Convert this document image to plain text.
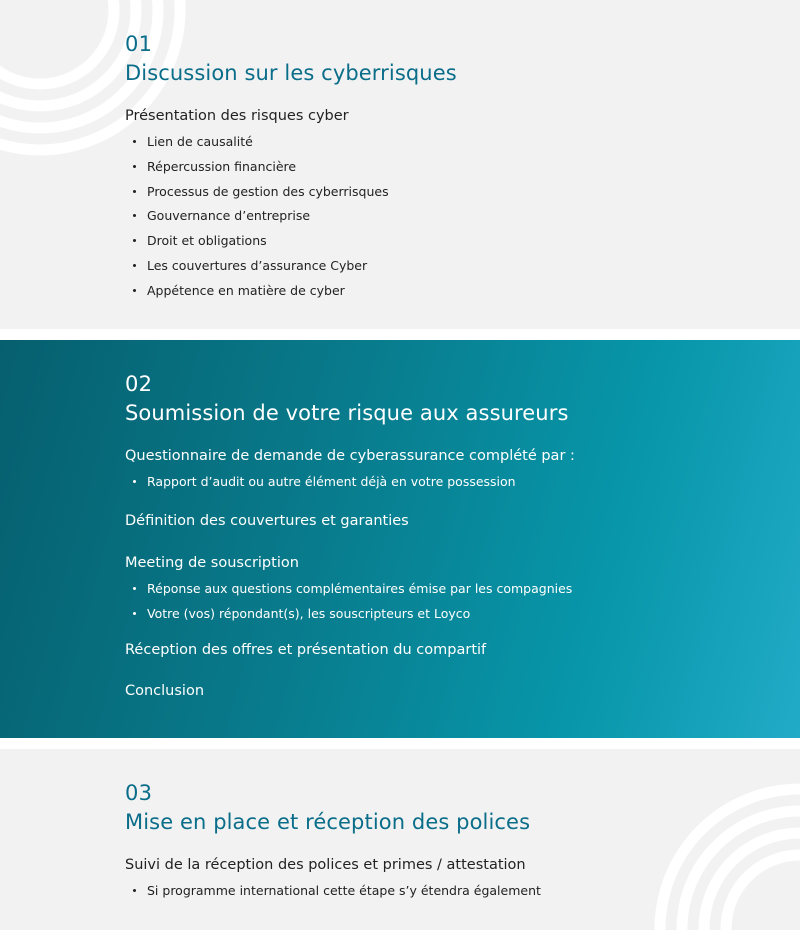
01
Discussion sur les cyberrisques

Présentation des risques cyber

Lien de causalité
Répercussion financière
Processus de gestion des cyberrisques
Gouvernance d’entreprise
Droit et obligations
Les couvertures d’assurance Cyber
Appétence en matière de cyber
02
Soumission de votre risque aux assureurs

Questionnaire de demande de cyberassurance complété par :

Rapport d’audit ou autre élément déjà en votre possession

Définition des couvertures et garanties

Meeting de souscription

Réponse aux questions complémentaires émise par les compagnies
Votre (vos) répondant(s), les souscripteurs et Loyco

Réception des offres et présentation du compartif

Conclusion

03
Mise en place et réception des polices

Suivi de la réception des polices et primes / attestation

Si programme international cette étape s’y étendra également
